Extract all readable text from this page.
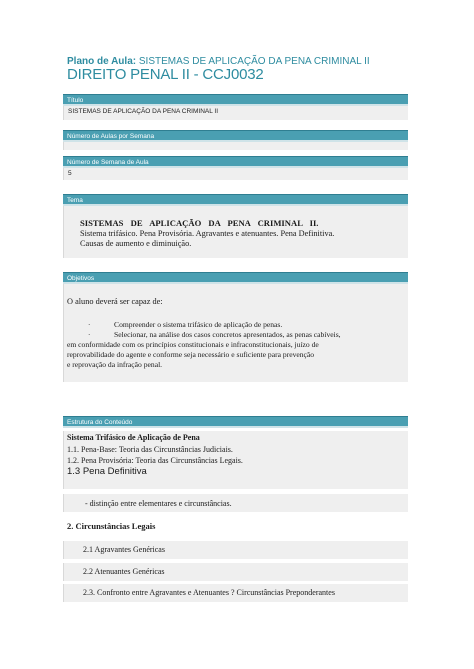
Plano de Aula: SISTEMAS DE APLICAÇÃO DA PENA CRIMINAL II
DIREITO PENAL II - CCJ0032
Título
SISTEMAS DE APLICAÇÃO DA PENA CRIMINAL II
Número de Aulas por Semana
Número de Semana de Aula
5
Tema
SISTEMAS DE APLICAÇÃO DA PENA CRIMINAL II.
Sistema trifásico. Pena Provisória. Agravantes e atenuantes. Pena Definitiva.
Causas de aumento e diminuição.
Objetivos
O aluno deverá ser capaz de:
·	Compreender o sistema trifásico de aplicação de penas.
·	Selecionar, na análise dos casos concretos apresentados, as penas cabíveis,
em conformidade com os princípios constitucionais e infraconstitucionais, juízo de
reprovabilidade do agente e conforme seja necessário e suficiente para prevenção
e reprovação da infração penal.
Estrutura do Conteúdo
Sistema Trifásico de Aplicação de Pena
1.1. Pena-Base: Teoria das Circunstâncias Judiciais.
1.2. Pena Provisória: Teoria das Circunstâncias Legais.
1.3 Pena Definitiva
- distinção entre elementares e circunstâncias.
2. Circunstâncias Legais
2.1 Agravantes Genéricas
2.2 Atenuantes Genéricas
2.3. Confronto entre Agravantes e Atenuantes ? Circunstâncias Preponderantes
